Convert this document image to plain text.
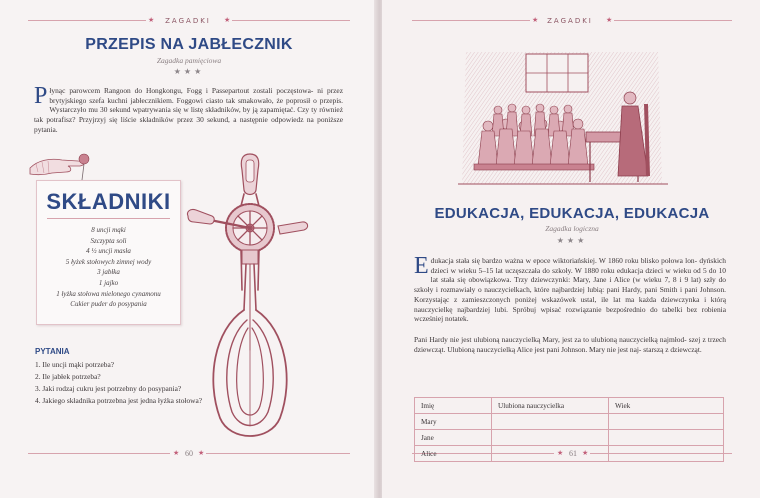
★	★
ZAGADKI
PRZEPIS NA JABŁECZNIK
Zagadka pamięciowa
★★★
P łynąc parowcem Rangoon do Hongkongu, Fogg i Passepartout zostali poczęstowa- ni przez brytyjskiego szefa kuchni jabłecznikiem. Foggowi ciasto tak smakowało, że poprosił o przepis. Wystarczyło mu 30 sekund wpatrywania się w listę składników, by ją zapamiętać. Czy ty również tak potrafisz? Przyjrzyj się liście składników przez 30 sekund, a następnie odpowiedz na poniższe pytania.
SKŁADNIKI
8 uncji mąki
Szczypta soli
4 ½ uncji masła
5 łyżek stołowych zimnej wody
3 jabłka
1 jajko
1 łyżka stołowa mielonego cynamonu
Cukier puder do posypania
PYTANIA
1. Ile uncji mąki potrzeba?
2. Ile jabłek potrzeba?
3. Jaki rodzaj cukru jest potrzebny do posypania?
4. Jakiego składnika potrzebna jest jedna łyżka stołowa?
★	★
60
★	★
ZAGADKI
EDUKACJA, EDUKACJA, EDUKACJA
Zagadka logiczna
★★★
E dukacja stała się bardzo ważna w epoce wiktoriańskiej. W 1860 roku blisko połowa lon- dyńskich dzieci w wieku 5–15 lat uczęszczała do szkoły. W 1880 roku edukacja dzieci w wieku od 5 do 10 lat stała się obowiązkowa. Trzy dziewczynki: Mary, Jane i Alice (w wieku 7, 8 i 9 lat) szły do szkoły i rozmawiały o nauczycielkach, które najbardziej lubią: pani Hardy, pani Smith i pani Johnson. Korzystając z zamieszczonych poniżej wskazówek ustal, ile lat ma każda dziewczynka i którą nauczycielkę najbardziej lubi. Spróbuj wpisać rozwiązanie bezpośrednio do tabelki bez robienia wcześniej notatek.
Pani Hardy nie jest ulubioną nauczycielką Mary, jest za to ulubioną nauczycielką najmłod- szej z trzech dziewcząt. Ulubioną nauczycielką Alice jest pani Johnson. Mary nie jest naj- starszą z dziewcząt.
★	★
61
Imię	Ulubiona nauczycielka	Wiek
Mary		
Jane		
Alice		
